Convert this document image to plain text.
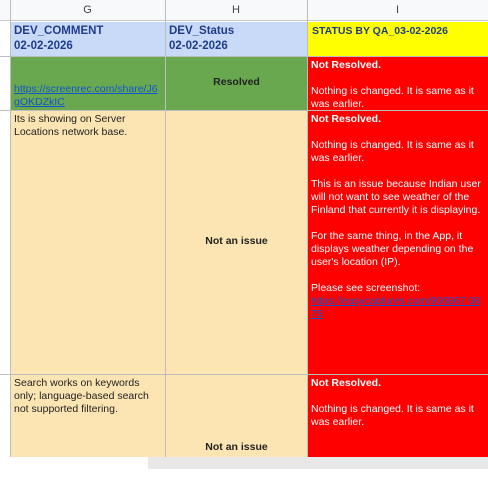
G	H	I
DEV_COMMENT
02-02-2026
DEV_Status
02-02-2026
STATUS BY QA_03-02-2026
https://screenrec.com/share/J6gOKDZkIC
Resolved

Not Resolved.

Nothing is changed. It is same as it was earlier.

Its is showing on Server Locations network base.
Not an issue

Not Resolved.

Nothing is changed. It is same as it was earlier.

This is an issue because Indian user will not want to see weather of the Finland that currently it is displaying.

For the same thing, in the App, it displays weather depending on the user's location (IP).

Please see screenshot:

https://easycaptures.com/906867 0875
Search works on keywords only; language-based search not supported filtering.
Not an issue

Not Resolved.

Nothing is changed. It is same as it was earlier.
